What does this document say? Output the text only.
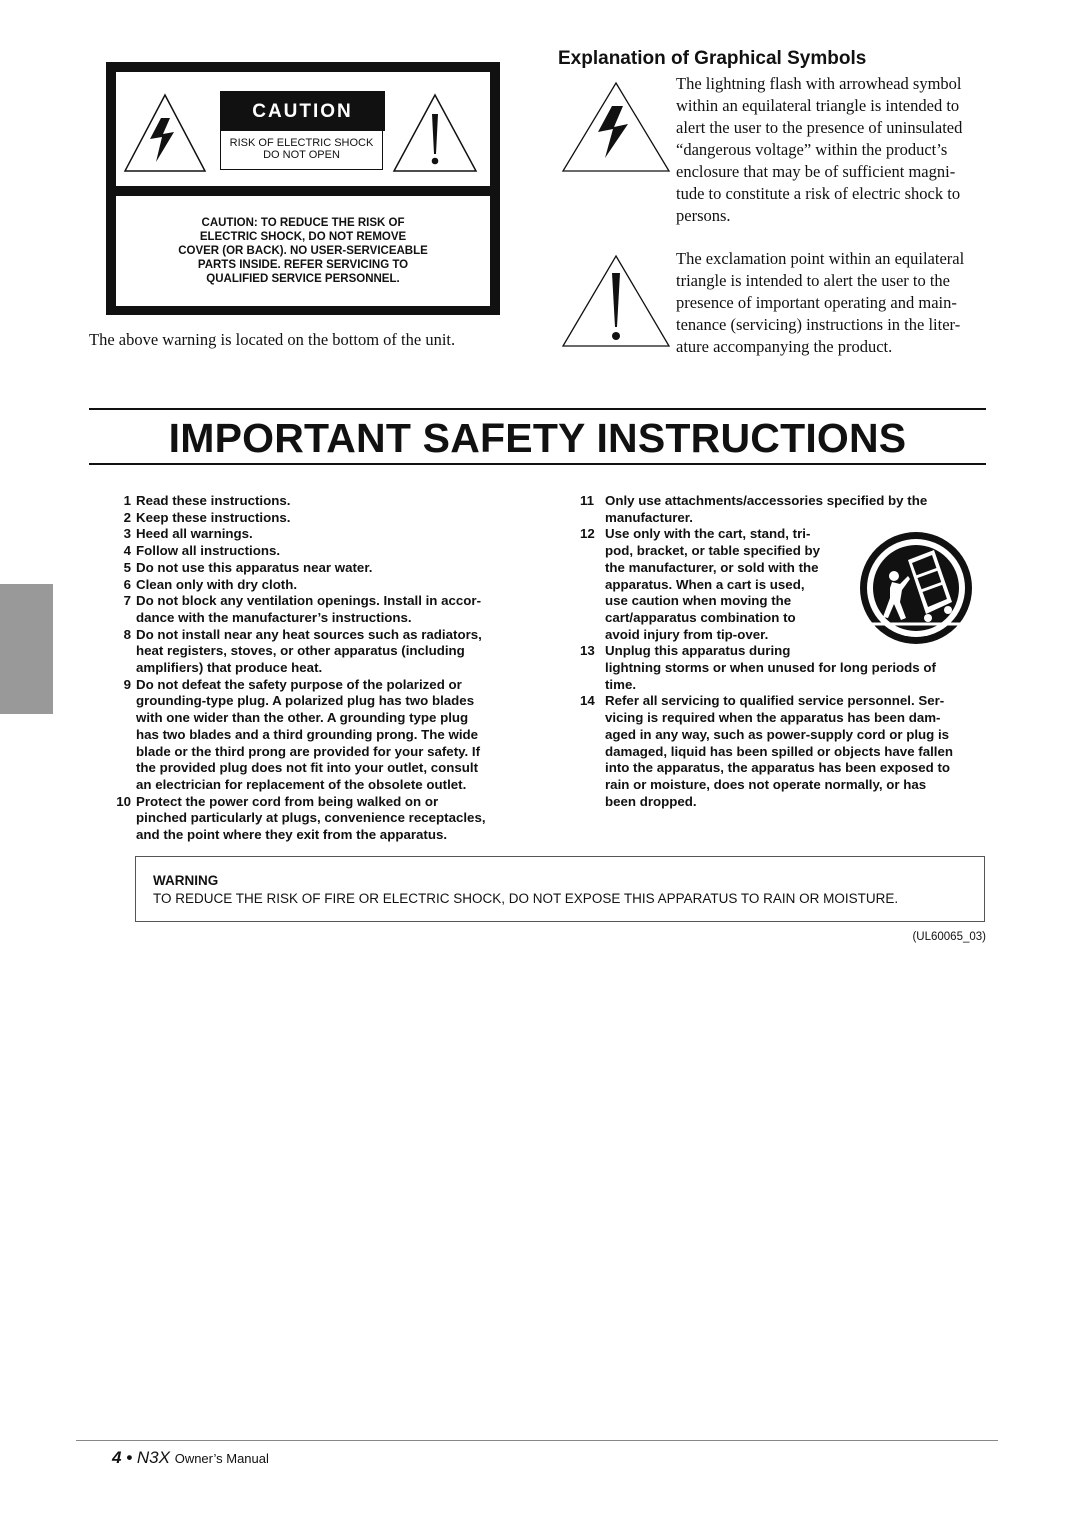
CAUTION
RISK OF ELECTRIC SHOCK
DO NOT OPEN
CAUTION: TO REDUCE THE RISK OF
ELECTRIC SHOCK, DO NOT REMOVE
COVER (OR BACK). NO USER-SERVICEABLE
PARTS INSIDE. REFER SERVICING TO
QUALIFIED SERVICE PERSONNEL.
The above warning is located on the bottom of the unit.
Explanation of Graphical Symbols
The lightning flash with arrowhead symbol
within an equilateral triangle is intended to
alert the user to the presence of uninsulated
“dangerous voltage” within the product’s
enclosure that may be of sufficient magni-
tude to constitute a risk of electric shock to
persons.
The exclamation point within an equilateral
triangle is intended to alert the user to the
presence of important operating and main-
tenance (servicing) instructions in the liter-
ature accompanying the product.
IMPORTANT SAFETY INSTRUCTIONS
1 Read these instructions.
2 Keep these instructions.
3 Heed all warnings.
4 Follow all instructions.
5 Do not use this apparatus near water.
6 Clean only with dry cloth.
7 Do not block any ventilation openings. Install in accor-
dance with the manufacturer’s instructions.
8 Do not install near any heat sources such as radiators,
heat registers, stoves, or other apparatus (including
amplifiers) that produce heat.
9 Do not defeat the safety purpose of the polarized or
grounding-type plug. A polarized plug has two blades
with one wider than the other. A grounding type plug
has two blades and a third grounding prong. The wide
blade or the third prong are provided for your safety. If
the provided plug does not fit into your outlet, consult
an electrician for replacement of the obsolete outlet.
10 Protect the power cord from being walked on or
pinched particularly at plugs, convenience receptacles,
and the point where they exit from the apparatus.
11 Only use attachments/accessories specified by the
manufacturer.
12 Use only with the cart, stand, tri-
pod, bracket, or table specified by
the manufacturer, or sold with the
apparatus. When a cart is used,
use caution when moving the
cart/apparatus combination to
avoid injury from tip-over.
13 Unplug this apparatus during
lightning storms or when unused for long periods of
time.
14 Refer all servicing to qualified service personnel. Ser-
vicing is required when the apparatus has been dam-
aged in any way, such as power-supply cord or plug is
damaged, liquid has been spilled or objects have fallen
into the apparatus, the apparatus has been exposed to
rain or moisture, does not operate normally, or has
been dropped.
WARNING
TO REDUCE THE RISK OF FIRE OR ELECTRIC SHOCK, DO NOT EXPOSE THIS APPARATUS TO RAIN OR MOISTURE.
(UL60065_03)
4 • N3X Owner’s Manual
